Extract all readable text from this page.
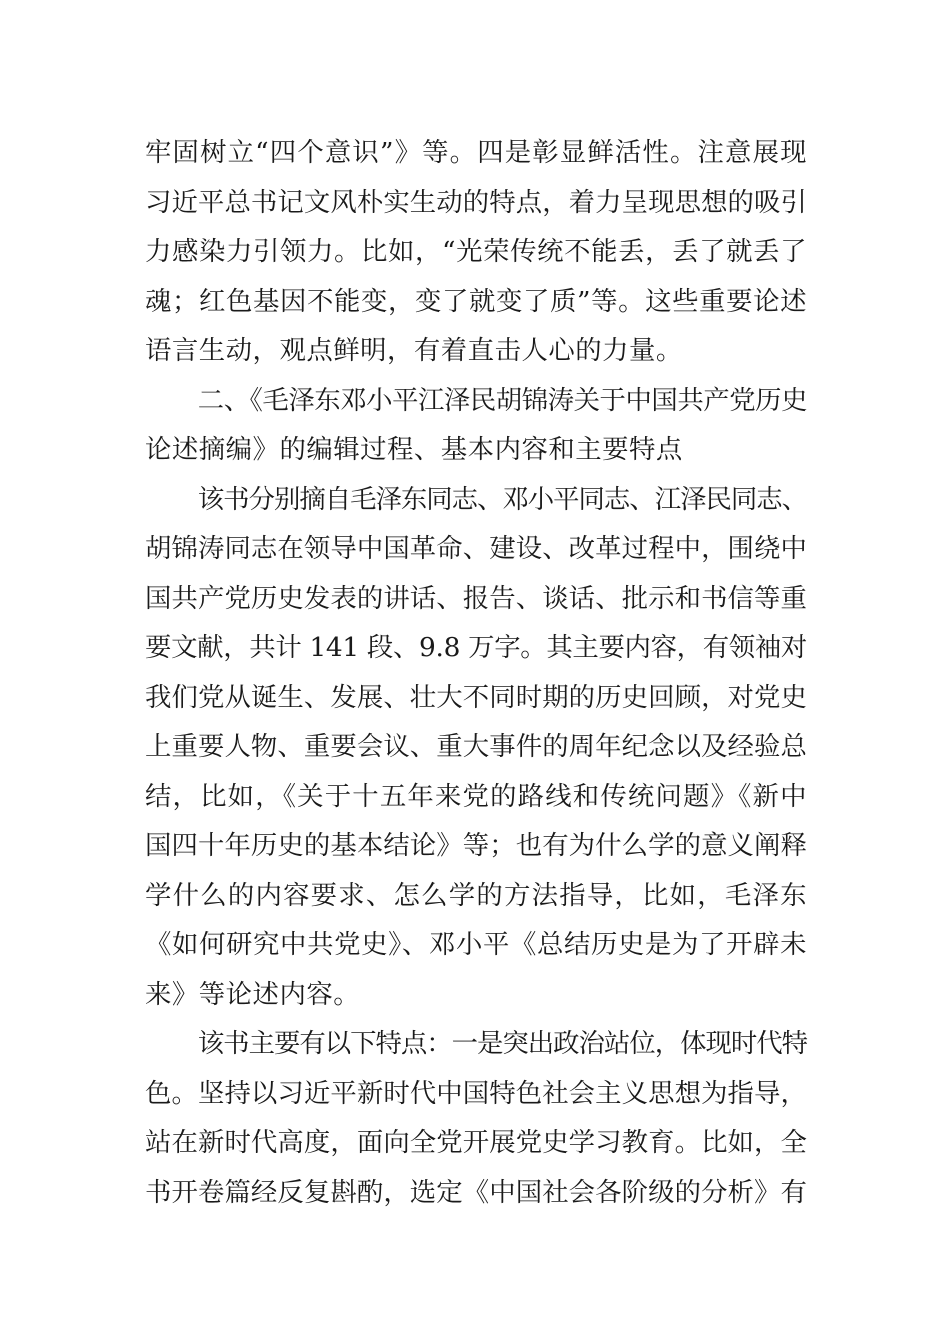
牢固树立“四个意识”》等。四是彰显鲜活性。注意展现
习近平总书记文风朴实生动的特点，着力呈现思想的吸引
力感染力引领力。比如，“光荣传统不能丢，丢了就丢了
魂；红色基因不能变，变了就变了质”等。这些重要论述
语言生动，观点鲜明，有着直击人心的力量。
二、《毛泽东邓小平江泽民胡锦涛关于中国共产党历史
论述摘编》的编辑过程、基本内容和主要特点
该书分别摘自毛泽东同志、邓小平同志、江泽民同志、
胡锦涛同志在领导中国革命、建设、改革过程中，围绕中
国共产党历史发表的讲话、报告、谈话、批示和书信等重
要文献，共计 141 段、9.8 万字。其主要内容，有领袖对
我们党从诞生、发展、壮大不同时期的历史回顾，对党史
上重要人物、重要会议、重大事件的周年纪念以及经验总
结，比如，《关于十五年来党的路线和传统问题》《新中
国四十年历史的基本结论》等；也有为什么学的意义阐释
学什么的内容要求、怎么学的方法指导，比如，毛泽东
《如何研究中共党史》、邓小平《总结历史是为了开辟未
来》等论述内容。
该书主要有以下特点：一是突出政治站位，体现时代特
色。坚持以习近平新时代中国特色社会主义思想为指导，
站在新时代高度，面向全党开展党史学习教育。比如，全
书开卷篇经反复斟酌，选定《中国社会各阶级的分析》有
